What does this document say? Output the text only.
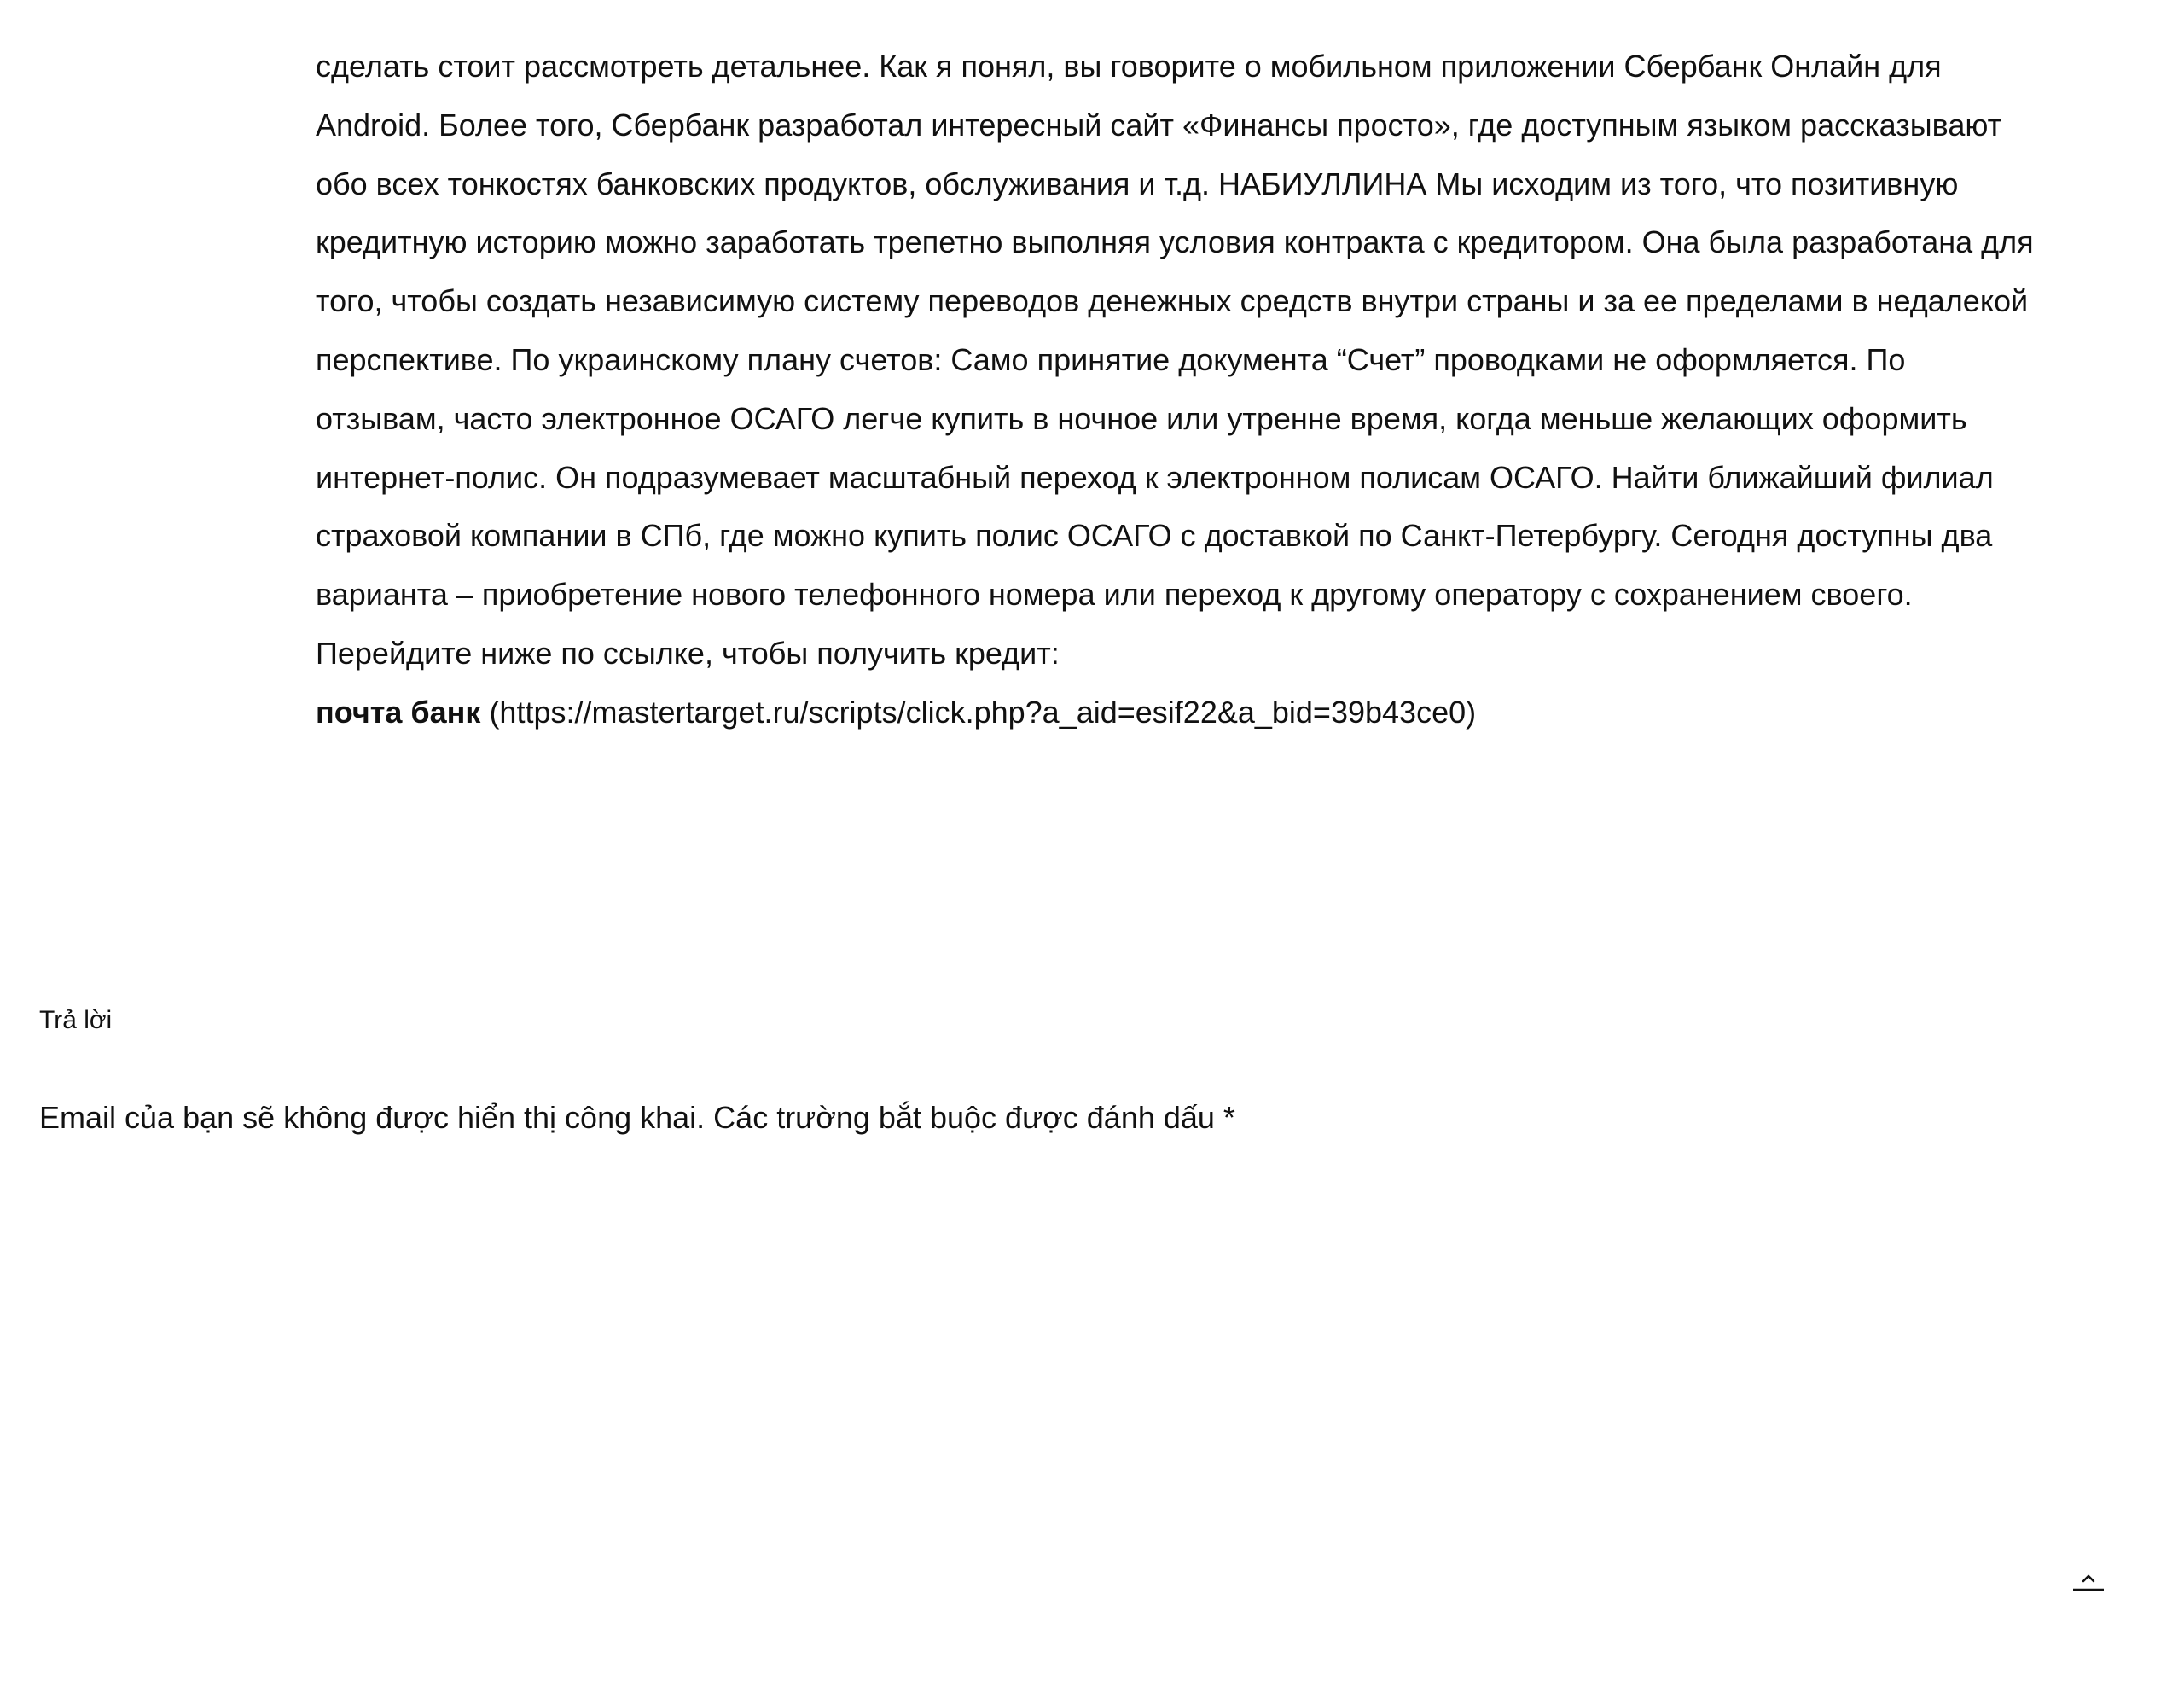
сделать стоит рассмотреть детальнее. Как я понял, вы говорите о мобильном приложении Сбербанк Онлайн для Android. Более того, Сбербанк разработал интересный сайт «Финансы просто», где доступным языком рассказывают обо всех тонкостях банковских продуктов, обслуживания и т.д. НАБИУЛЛИНА Мы исходим из того, что позитивную кредитную историю можно заработать трепетно выполняя условия контракта с кредитором. Она была разработана для того, чтобы создать независимую систему переводов денежных средств внутри страны и за ее пределами в недалекой перспективе. По украинскому плану счетов: Само принятие документа “Счет” проводками не оформляется. По отзывам, часто электронное ОСАГО легче купить в ночное или утренне время, когда меньше желающих оформить интернет-полис. Он подразумевает масштабный переход к электронном полисам ОСАГО. Найти ближайший филиал страховой компании в СПб, где можно купить полис ОСАГО с доставкой по Санкт-Петербургу. Сегодня доступны два варианта – приобретение нового телефонного номера или переход к другому оператору с сохранением своего.

Перейдите ниже по ссылке, чтобы получить кредит:

почта банк (https://mastertarget.ru/scripts/click.php?a_aid=esif22&a_bid=39b43ce0)

Trả lời

Email của bạn sẽ không được hiển thị công khai. Các trường bắt buộc được đánh dấu *
